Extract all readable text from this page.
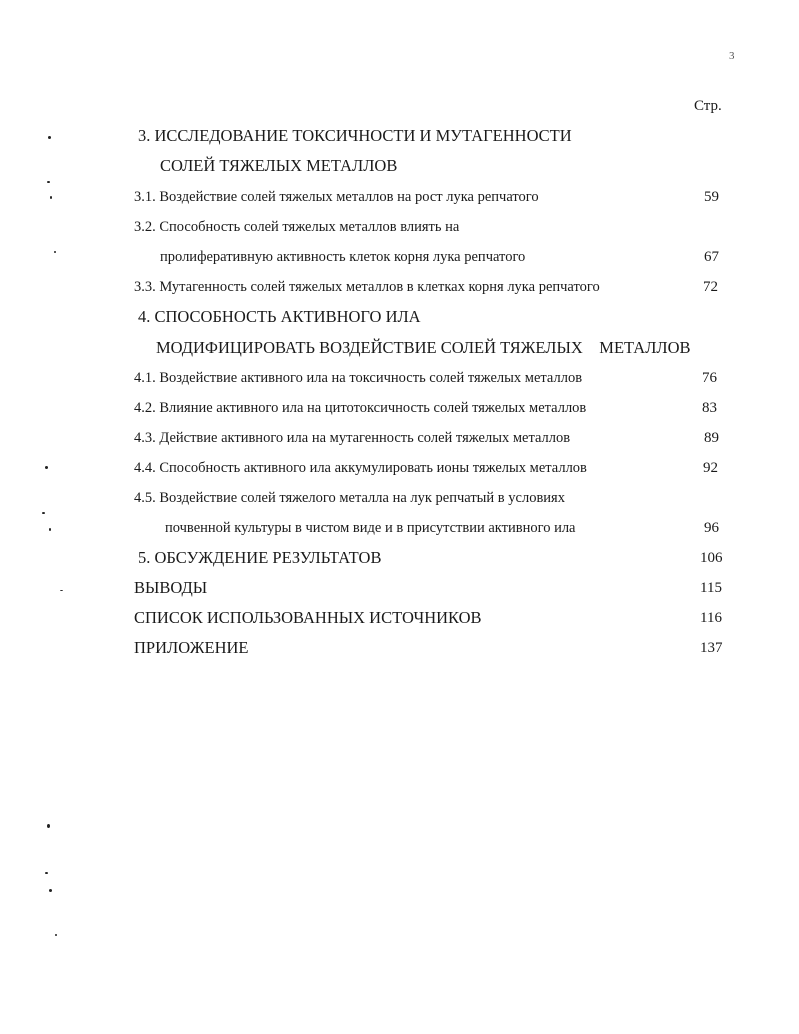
3
Стр.
3. ИССЛЕДОВАНИЕ ТОКСИЧНОСТИ И МУТАГЕННОСТИ
СОЛЕЙ ТЯЖЕЛЫХ МЕТАЛЛОВ
3.1. Воздействие солей тяжелых металлов на рост лука репчатого	59
3.2. Способность солей тяжелых металлов влиять на
пролиферативную активность клеток корня лука репчатого	67
3.3. Мутагенность солей тяжелых металлов в клетках корня лука репчатого	72
4. СПОСОБНОСТЬ АКТИВНОГО ИЛА
МОДИФИЦИРОВАТЬ ВОЗДЕЙСТВИЕ СОЛЕЙ ТЯЖЕЛЫХ    МЕТАЛЛОВ
4.1. Воздействие активного ила на токсичность солей тяжелых металлов	76
4.2. Влияние активного ила на цитотоксичность солей тяжелых металлов	83
4.3. Действие активного ила на мутагенность солей тяжелых металлов	89
4.4. Способность активного ила аккумулировать ионы тяжелых металлов	92
4.5. Воздействие солей тяжелого металла на лук репчатый в условиях
почвенной культуры в чистом виде и в присутствии активного ила	96
5. ОБСУЖДЕНИЕ РЕЗУЛЬТАТОВ	106
ВЫВОДЫ	115
СПИСОК ИСПОЛЬЗОВАННЫХ ИСТОЧНИКОВ	116
ПРИЛОЖЕНИЕ	137
